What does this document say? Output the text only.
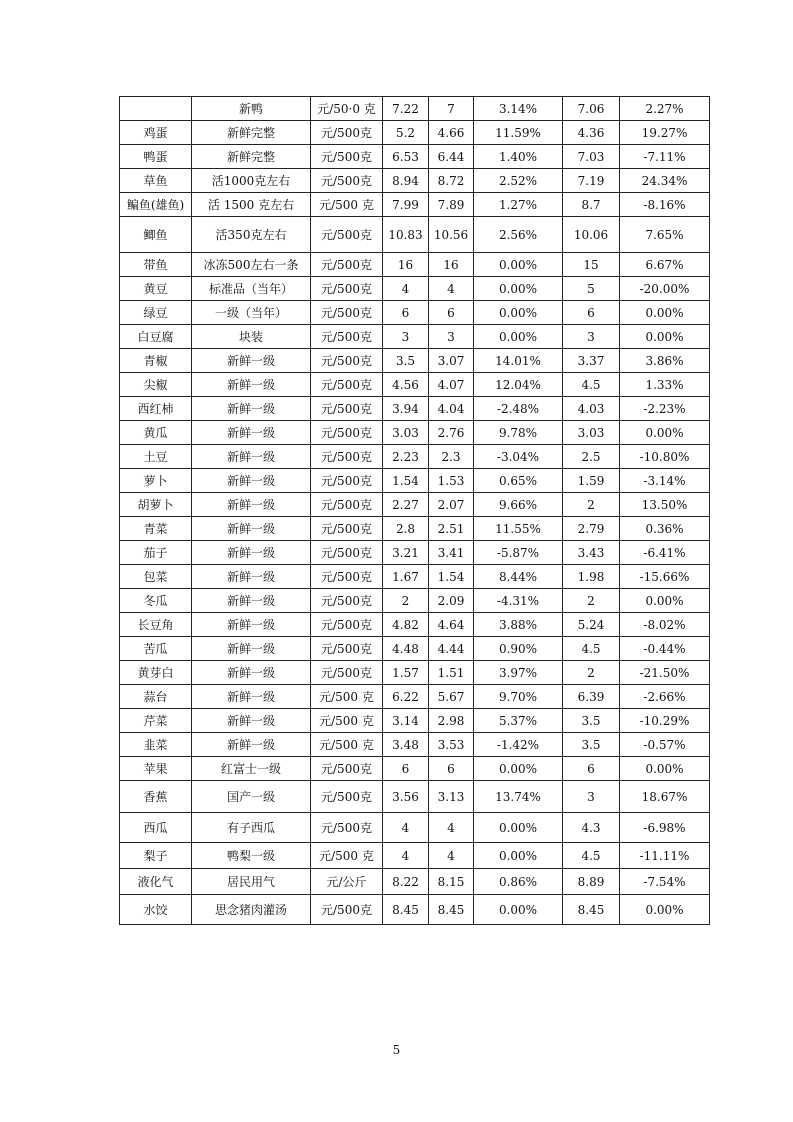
	新鸭	元/50·0 克	7.22	7	3.14%	7.06	2.27%
鸡蛋	新鲜完整	元/500克	5.2	4.66	11.59%	4.36	19.27%
鸭蛋	新鲜完整	元/500克	6.53	6.44	1.40%	7.03	-7.11%
草鱼	活1000克左右	元/500克	8.94	8.72	2.52%	7.19	24.34%
鳊鱼(雄鱼)	活 1500 克左右	元/500 克	7.99	7.89	1.27%	8.7	-8.16%
鲫鱼	活350克左右	元/500克	10.83	10.56	2.56%	10.06	7.65%
带鱼	冰冻500左右一条	元/500克	16	16	0.00%	15	6.67%
黄豆	标准品（当年）	元/500克	4	4	0.00%	5	-20.00%
绿豆	一级（当年）	元/500克	6	6	0.00%	6	0.00%
白豆腐	块装	元/500克	3	3	0.00%	3	0.00%
青椒	新鲜一级	元/500克	3.5	3.07	14.01%	3.37	3.86%
尖椒	新鲜一级	元/500克	4.56	4.07	12.04%	4.5	1.33%
西红柿	新鲜一级	元/500克	3.94	4.04	-2.48%	4.03	-2.23%
黄瓜	新鲜一级	元/500克	3.03	2.76	9.78%	3.03	0.00%
土豆	新鲜一级	元/500克	2.23	2.3	-3.04%	2.5	-10.80%
萝卜	新鲜一级	元/500克	1.54	1.53	0.65%	1.59	-3.14%
胡萝卜	新鲜一级	元/500克	2.27	2.07	9.66%	2	13.50%
青菜	新鲜一级	元/500克	2.8	2.51	11.55%	2.79	0.36%
茄子	新鲜一级	元/500克	3.21	3.41	-5.87%	3.43	-6.41%
包菜	新鲜一级	元/500克	1.67	1.54	8.44%	1.98	-15.66%
冬瓜	新鲜一级	元/500克	2	2.09	-4.31%	2	0.00%
长豆角	新鲜一级	元/500克	4.82	4.64	3.88%	5.24	-8.02%
苦瓜	新鲜一级	元/500克	4.48	4.44	0.90%	4.5	-0.44%
黄芽白	新鲜一级	元/500克	1.57	1.51	3.97%	2	-21.50%
蒜台	新鲜一级	元/500 克	6.22	5.67	9.70%	6.39	-2.66%
芹菜	新鲜一级	元/500 克	3.14	2.98	5.37%	3.5	-10.29%
韭菜	新鲜一级	元/500 克	3.48	3.53	-1.42%	3.5	-0.57%
苹果	红富士一级	元/500克	6	6	0.00%	6	0.00%
香蕉	国产一级	元/500克	3.56	3.13	13.74%	3	18.67%
西瓜	有子西瓜	元/500克	4	4	0.00%	4.3	-6.98%
梨子	鸭梨一级	元/500 克	4	4	0.00%	4.5	-11.11%
液化气	居民用气	元/公斤	8.22	8.15	0.86%	8.89	-7.54%
水饺	思念猪肉灌汤	元/500克	8.45	8.45	0.00%	8.45	0.00%
5
